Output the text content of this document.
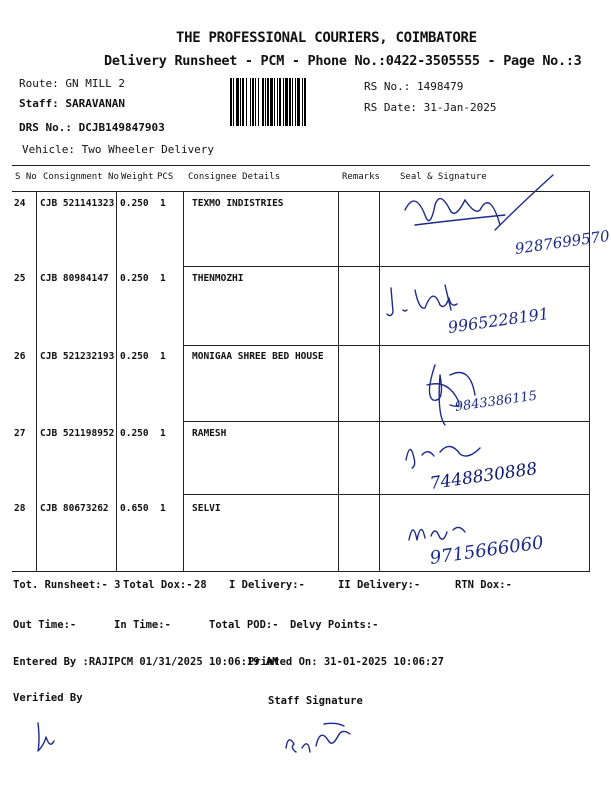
THE PROFESSIONAL COURIERS, COIMBATORE
Delivery Runsheet - PCM - Phone No.:0422-3505555 - Page No.:3
Route: GN MILL 2
Staff: SARAVANAN
DRS No.: DCJB149847903
Vehicle: Two Wheeler Delivery
RS No.: 1498479
RS Date: 31-Jan-2025
S No Consignment No Weight PCS Consignee Details	Remarks Seal & Signature
24 CJB 521141323 0.250 1	TEXMO INDISTRIES
9287699570
25 CJB 80984147 0.250 1	THENMOZHI
9965228191
26 CJB 521232193 0.250 1	MONIGAA SHREE BED HOUSE
9843386115
27 CJB 521198952 0.250 1	RAMESH
7448830888
28 CJB 80673262 0.650 1	SELVI
9715666060
Tot. Runsheet:- 3 Total Dox:- 28 I Delivery:-	II Delivery:-	RTN Dox:-
Out Time:-	In Time:-	Total POD:- Delvy Points:-
Entered By :RAJIPCM 01/31/2025 10:06:19 AM
Printed On: 31-01-2025 10:06:27
Verified By	Staff Signature
